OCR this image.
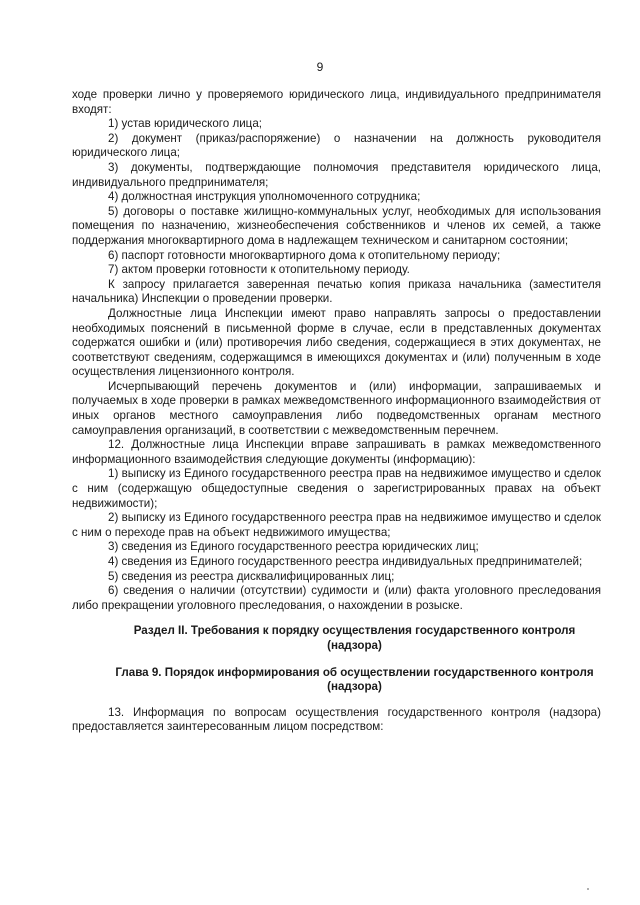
9

ходе проверки лично у проверяемого юридического лица, индивидуального предпринимателя входят:

1) устав юридического лица;

2) документ (приказ/распоряжение) о назначении на должность руководителя юридического лица;

3) документы, подтверждающие полномочия представителя юридического лица, индивидуального предпринимателя;

4) должностная инструкция уполномоченного сотрудника;

5) договоры о поставке жилищно-коммунальных услуг, необходимых для использования помещения по назначению, жизнеобеспечения собственников и членов их семей, а также поддержания многоквартирного дома в надлежащем техническом и санитарном состоянии;

6) паспорт готовности многоквартирного дома к отопительному периоду;

7) актом проверки готовности к отопительному периоду.

К запросу прилагается заверенная печатью копия приказа начальника (заместителя начальника) Инспекции о проведении проверки.

Должностные лица Инспекции имеют право направлять запросы о предоставлении необходимых пояснений в письменной форме в случае, если в представленных документах содержатся ошибки и (или) противоречия либо сведения, содержащиеся в этих документах, не соответствуют сведениям, содержащимся в имеющихся документах и (или) полученным в ходе осуществления лицензионного контроля.

Исчерпывающий перечень документов и (или) информации, запрашиваемых и получаемых в ходе проверки в рамках межведомственного информационного взаимодействия от иных органов местного самоуправления либо подведомственных органам местного самоуправления организаций, в соответствии с межведомственным перечнем.

12. Должностные лица Инспекции вправе запрашивать в рамках межведомственного информационного взаимодействия следующие документы (информацию):

1) выписку из Единого государственного реестра прав на недвижимое имущество и сделок с ним (содержащую общедоступные сведения о зарегистрированных правах на объект недвижимости);

2) выписку из Единого государственного реестра прав на недвижимое имущество и сделок с ним о переходе прав на объект недвижимого имущества;

3) сведения из Единого государственного реестра юридических лиц;

4) сведения из Единого государственного реестра индивидуальных предпринимателей;

5) сведения из реестра дисквалифицированных лиц;

6) сведения о наличии (отсутствии) судимости и (или) факта уголовного преследования либо прекращении уголовного преследования, о нахождении в розыске.

Раздел II. Требования к порядку осуществления государственного контроля (надзора)

Глава 9. Порядок информирования об осуществлении государственного контроля (надзора)

13. Информация по вопросам осуществления государственного контроля (надзора) предоставляется заинтересованным лицом посредством:
